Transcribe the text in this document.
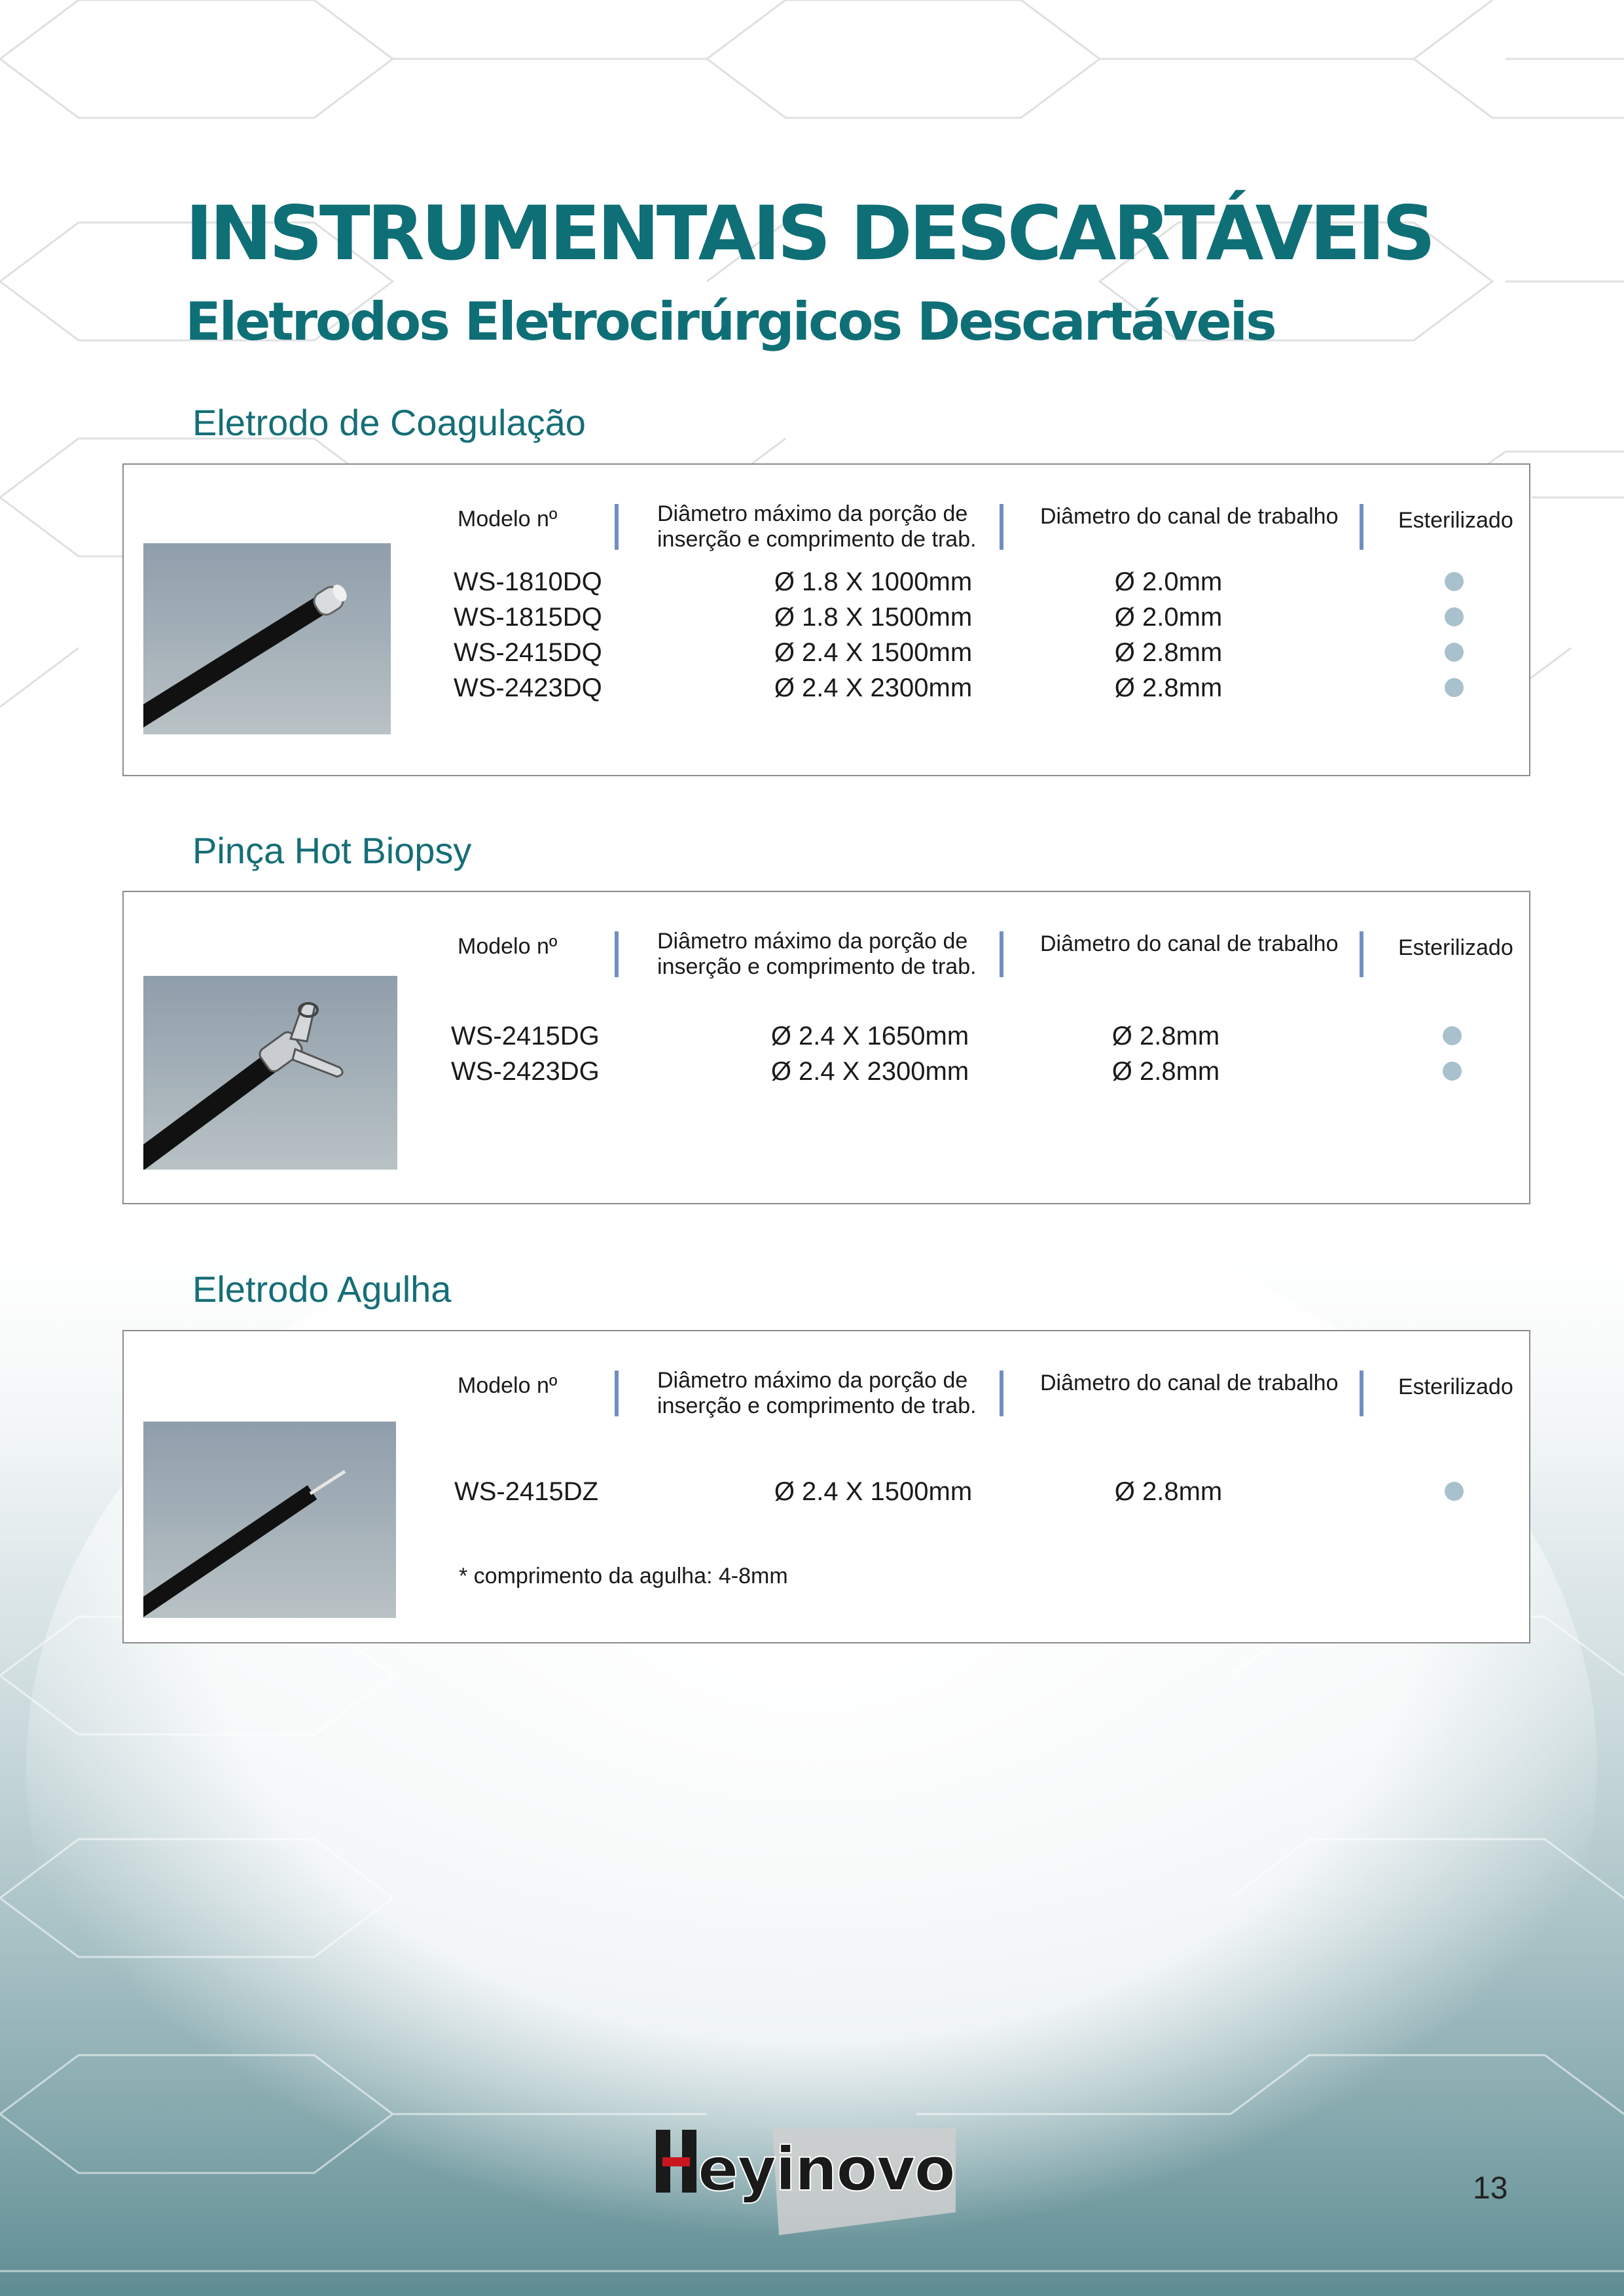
INSTRUMENTAIS DESCARTÁVEIS
Eletrodos Eletrocirúrgicos Descartáveis
Eletrodo de Coagulação
Modelo nº	Diâmetro máximo da porção de
inserção e comprimento de trab.
Diâmetro do canal de trabalho	Esterilizado
WS-1810DQ	Ø 1.8 X 1000mm	Ø 2.0mm
WS-1815DQ	Ø 1.8 X 1500mm	Ø 2.0mm
WS-2415DQ	Ø 2.4 X 1500mm	Ø 2.8mm
WS-2423DQ	Ø 2.4 X 2300mm	Ø 2.8mm
Pinça Hot Biopsy
Modelo nº	Diâmetro máximo da porção de
inserção e comprimento de trab.
Diâmetro do canal de trabalho	Esterilizado
WS-2415DG	Ø 2.4 X 1650mm	Ø 2.8mm
WS-2423DG	Ø 2.4 X 2300mm	Ø 2.8mm
Eletrodo Agulha
Modelo nº	Diâmetro máximo da porção de
inserção e comprimento de trab.
Diâmetro do canal de trabalho	Esterilizado
WS-2415DZ	Ø 2.4 X 1500mm	Ø 2.8mm
* comprimento da agulha: 4-8mm
eyinovo	13
